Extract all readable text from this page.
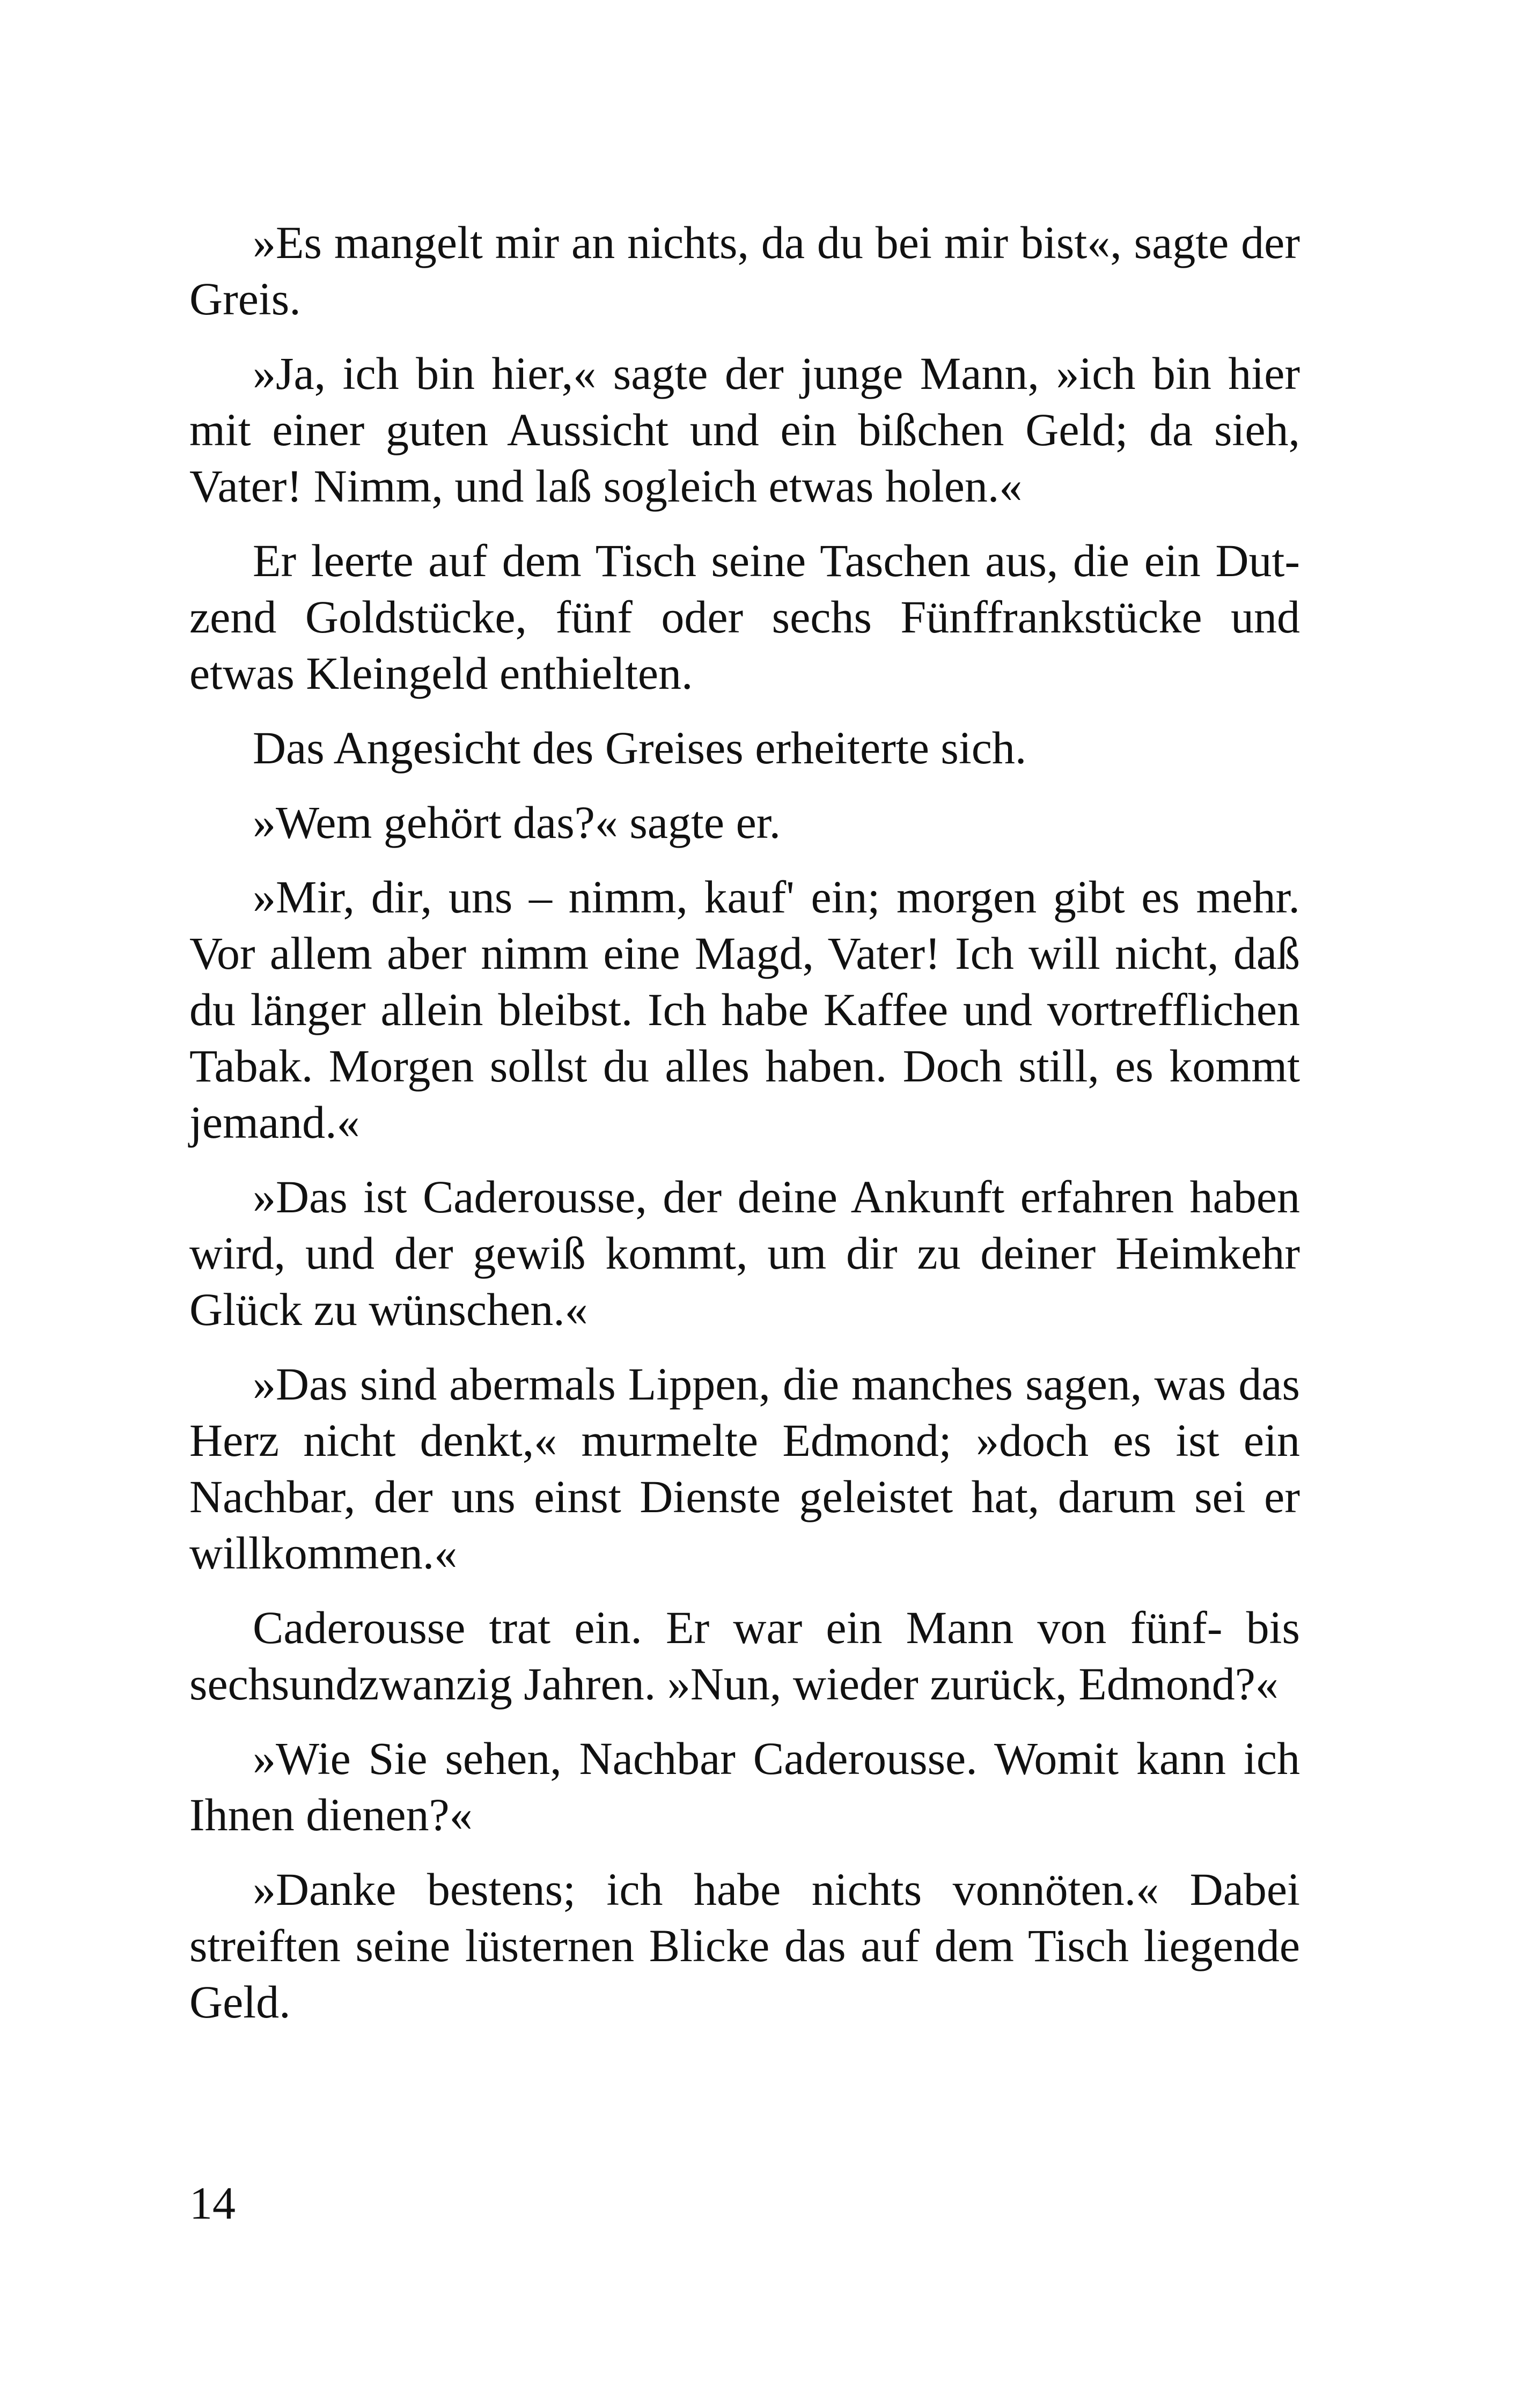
»Es mangelt mir an nichts, da du bei mir bist«, sagte der Greis.

»Ja, ich bin hier,« sagte der junge Mann, »ich bin hier mit einer guten Aussicht und ein bißchen Geld; da sieh, Vater! Nimm, und laß sogleich etwas holen.«

Er leerte auf dem Tisch seine Taschen aus, die ein Dutzend Goldstücke, fünf oder sechs Fünffrankstücke und etwas Kleingeld enthielten.

Das Angesicht des Greises erheiterte sich.

»Wem gehört das?« sagte er.

»Mir, dir, uns – nimm, kauf' ein; morgen gibt es mehr. Vor allem aber nimm eine Magd, Vater! Ich will nicht, daß du länger allein bleibst. Ich habe Kaffee und vortrefflichen Tabak. Morgen sollst du alles haben. Doch still, es kommt jemand.«

»Das ist Caderousse, der deine Ankunft erfahren haben wird, und der gewiß kommt, um dir zu deiner Heimkehr Glück zu wünschen.«

»Das sind abermals Lippen, die manches sagen, was das Herz nicht denkt,« murmelte Edmond; »doch es ist ein Nachbar, der uns einst Dienste geleistet hat, darum sei er willkommen.«

Caderousse trat ein. Er war ein Mann von fünf- bis sechsundzwanzig Jahren. »Nun, wieder zurück, Edmond?«

»Wie Sie sehen, Nachbar Caderousse. Womit kann ich Ihnen dienen?«

»Danke bestens; ich habe nichts vonnöten.« Dabei streiften seine lüsternen Blicke das auf dem Tisch liegende Geld.

14
